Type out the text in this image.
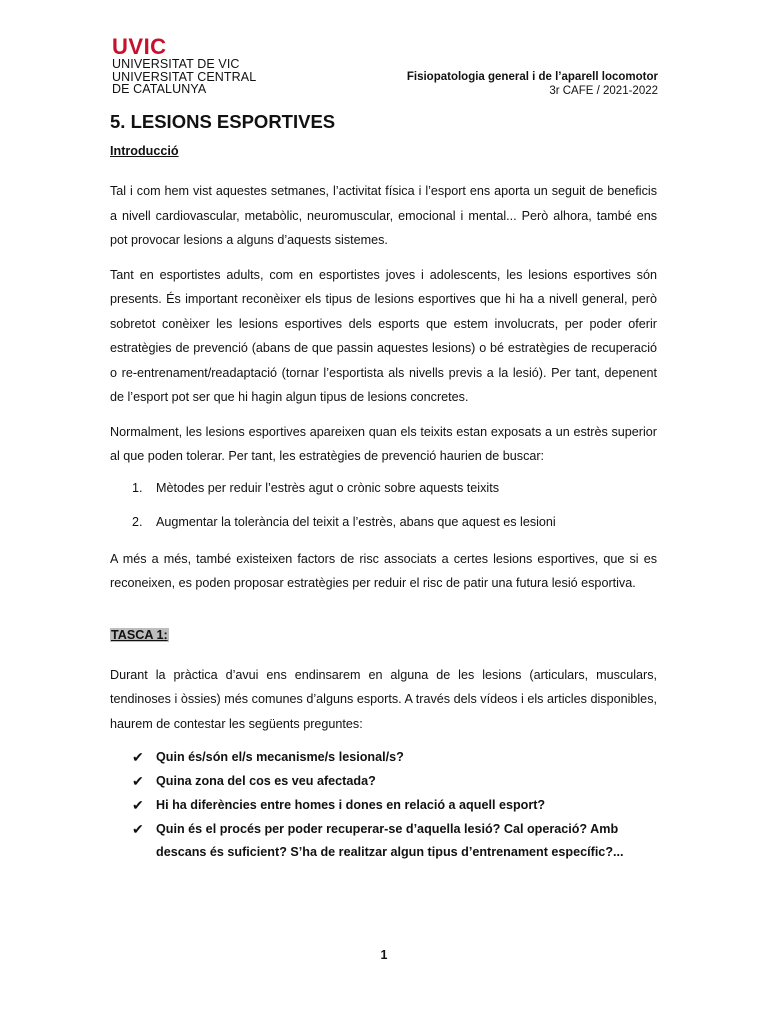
UVIC
UNIVERSITAT DE VIC
UNIVERSITAT CENTRAL
DE CATALUNYA
Fisiopatologia general i de l’aparell locomotor
3r CAFE / 2021-2022
5. LESIONS ESPORTIVES
Introducció

Tal i com hem vist aquestes setmanes, l’activitat física i l’esport ens aporta un seguit de beneficis a nivell cardiovascular, metabòlic, neuromuscular, emocional i mental... Però alhora, també ens pot provocar lesions a alguns d’aquests sistemes.

Tant en esportistes adults, com en esportistes joves i adolescents, les lesions esportives són presents. És important reconèixer els tipus de lesions esportives que hi ha a nivell general, però sobretot conèixer les lesions esportives dels esports que estem involucrats, per poder oferir estratègies de prevenció (abans de que passin aquestes lesions) o bé estratègies de recuperació o re-entrenament/readaptació (tornar l’esportista als nivells previs a la lesió). Per tant, depenent de l’esport pot ser que hi hagin algun tipus de lesions concretes.

Normalment, les lesions esportives apareixen quan els teixits estan exposats a un estrès superior al que poden tolerar. Per tant, les estratègies de prevenció haurien de buscar:

1. Mètodes per reduir l’estrès agut o crònic sobre aquests teixits
2. Augmentar la tolerància del teixit a l’estrès, abans que aquest es lesioni

A més a més, també existeixen factors de risc associats a certes lesions esportives, que si es reconeixen, es poden proposar estratègies per reduir el risc de patir una futura lesió esportiva.

TASCA 1:

Durant la pràctica d’avui ens endinsarem en alguna de les lesions (articulars, musculars, tendinoses i òssies) més comunes d’alguns esports. A través dels vídeos i els articles disponibles, haurem de contestar les següents preguntes:

✔ Quin és/són el/s mecanisme/s lesional/s?
✔ Quina zona del cos es veu afectada?
✔ Hi ha diferències entre homes i dones en relació a aquell esport?
✔ Quin és el procés per poder recuperar-se d’aquella lesió? Cal operació? Amb descans és suficient? S’ha de realitzar algun tipus d’entrenament específic?...
1
